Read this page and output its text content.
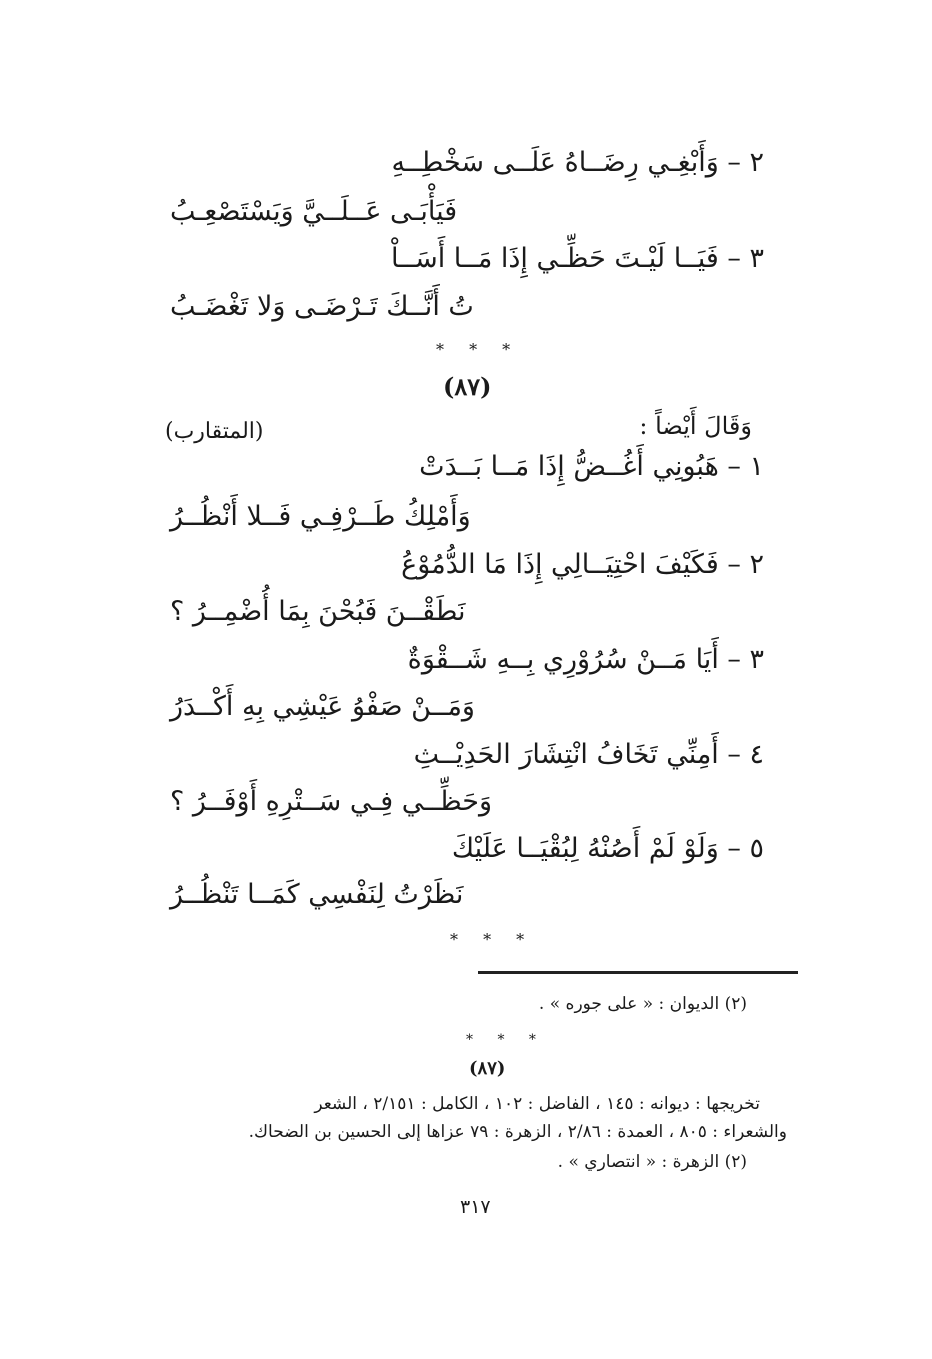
٢ – وَأَبْغِـي رِضَــاهُ عَلَــى سَخْطِــهِ
فَيَأْبَـى عَــلَــيَّ وَيَسْتَصْعِـبُ
٣ – فَيَــا لَيْـتَ حَظِّـي إِذَا مَــا أَسَــاْ
تُ أَنَّــكَ تَـرْضَـى وَلا تَغْضَـبُ
* * *
(٨٧)
وَقَالَ أَيْضاً :
(المتقارب)
١ – هَبُونِي أَغُــضُّ إِذَا مَــا بَــدَتْ
وَأَمْلِكُ طَــرْفِـي فَــلا أَنْظُــرُ
٢ – فَكَيْفَ احْتِيَــالِي إِذَا مَا الدُّمُوْعُ
نَطَقْــنَ فَبُحْنَ بِمَا أُضْمِــرُ ؟
٣ – أَيَا مَــنْ سُرُوْرِي بِــهِ شَــقْوَةٌ
وَمَــنْ صَفْوُ عَيْشِي بِهِ أَكْــدَرُ
٤ – أَمِنِّي تَخَافُ انْتِشَارَ الحَدِيْــثِ
وَحَظِّــي فِـي سَــتْرِهِ أَوْفَــرُ ؟
٥ – وَلَوْ لَمْ أَصُنْهُ لِبُقْيَــا عَلَيْكَ
نَظَرْتُ لِنَفْسِي كَمَــا تَنْظُــرُ
* * *
(٢) الديوان : « على جوره » .
* * *
(٨٧)
تخريجها : ديوانه : ١٤٥ ، الفاضل : ١٠٢ ، الكامل : ٢/١٥١ ، الشعر
والشعراء : ٨٠٥ ، العمدة : ٢/٨٦ ، الزهرة : ٧٩ عزاها إلى الحسين بن الضحاك.
(٢) الزهرة : « انتصاري » .
٣١٧
